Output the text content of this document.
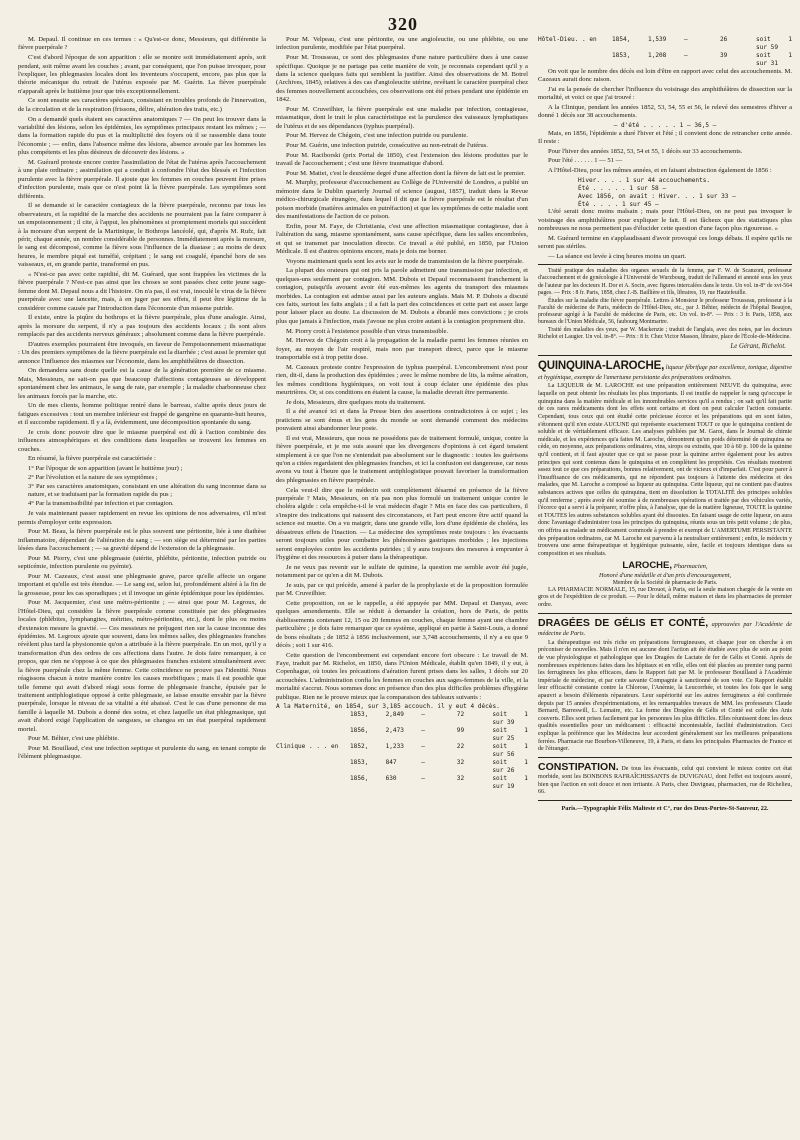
320

M. Depaul. Il continue en ces termes : « Qu'est-ce donc, Messieurs, qui différentie la fièvre puerpérale ?

C'est d'abord l'époque de son apparition : elle se montre soit immédiatement après, soit pendant, soit même avant les couches ; avant, par conséquent, que l'on puisse invoquer, pour l'expliquer, les phlegmasies locales dont les inventeurs s'occupent, encore, pas plus que la théorie mécanique du retrait de l'utérus exposée par M. Guérin. La fièvre puerpérale n'apparaît après le huitième jour que très exceptionnellement.

Ce sont ensuite ses caractères spéciaux, consistant en troubles profonds de l'innervation, de la circulation et de la respiration (frissons, délire, altération des traits, etc.)

On a demandé quels étaient ses caractères anatomiques ? — On peut les trouver dans la variabilité des lésions, selon les épidémies, les symptômes principaux restant les mêmes ; — dans la formation rapide du pus et la multiplicité des foyers où il se rassemble dans toute l'économie ; — enfin, dans l'absence même des lésions, absence avouée par les hommes les plus compétents et les plus désireux de découvrir des lésions. »

M. Guérard proteste encore contre l'assimilation de l'état de l'utérus après l'accouchement à une plaie ordinaire ; assimilation qui a conduit à confondre l'état des blessés et l'infection purulente avec la fièvre puerpérale. Il ajoute que les femmes en couches peuvent être prises d'infection purulente, mais que ce n'est point là la fièvre puerpérale. Les symptômes sont différents.

Il se demande si le caractère contagieux de la fièvre puerpérale, reconnu par tous les observateurs, et la rapidité de la marche des accidents ne pourraient pas la faire comparer à un empoisonnement ; il cite, à l'appui, les phénomènes si promptement mortels qui succèdent à la morsure d'un serpent de la Martinique, le Bothrops lancéolé, qui, d'après M. Rufz, fait périr, chaque année, un nombre considérable de personnes. Immédiatement après la morsure, le sang est décomposé, comme la fièvre sous l'influence de la diastase ; au moins de deux heures, le membre piqué est tuméfié, crépitant ; le sang est coagulé, épanché hors de ses vaisseaux, et, en grande partie, transformé en pus.

« N'est-ce pas avec cette rapidité, dit M. Guérard, que sont frappées les victimes de la fièvre puerpérale ? N'est-ce pas ainsi que les choses se sont passées chez cette jeune sage-femme dont M. Depaul nous a dit l'histoire. On n'a pas, il est vrai, inoculé le virus de la fièvre puerpérale avec une lancette, mais, à en juger par ses effets, il peut être légitime de la considérer comme causée par l'introduction dans l'économie d'un miasme putride.

Il existe, entre la piqûre du bothrops et la fièvre puerpérale, plus d'une analogie. Ainsi, après la morsure du serpent, il n'y a pas toujours des accidents locaux ; ils sont alors remplacés par des accidents nerveux généraux ; absolument comme dans la fièvre puerpérale.

D'autres exemples pourraient être invoqués, en faveur de l'empoisonnement miasmatique : Un des premiers symptômes de la fièvre puerpérale est la diarrhée ; c'est aussi le premier qui annonce l'influence des miasmes sur l'économie, dans les amphithéâtres de dissection.

On demandera sans doute quelle est la cause de la génération première de ce miasme. Mais, Messieurs, ne sait-on pas que beaucoup d'affections contagieuses se développent spontanément chez les animaux, le sang de rate, par exemple ; la maladie charbonneuse chez les animaux forcés par la marche, etc.

Un de mes clients, homme politique rentré dans le barreau, s'alite après deux jours de fatigues excessives : tout un membre inférieur est frappé de gangrène en quarante-huit heures, et il succombe rapidement. Il y a là, évidemment, une décomposition spontanée du sang.

Je crois donc pouvoir dire que le miasme puerpéral est dû à l'action combinée des influences atmosphériques et des conditions dans lesquelles se trouvent les femmes en couches.

En résumé, la fièvre puerpérale est caractérisée :

1° Par l'époque de son apparition (avant le huitième jour) ;
2° Par l'évolution et la nature de ses symptômes ;
3° Par ses caractères anatomiques, consistant en une altération du sang inconnue dans sa nature, et se traduisant par la formation rapide du pus ;
4° Par la transmissibilité par infection et par contagion.

Je vais maintenant passer rapidement en revue les opinions de nos adversaires, s'il m'est permis d'employer cette expression.

Pour M. Beau, la fièvre puerpérale est le plus souvent une péritonite, liée à une diathèse inflammatoire, dépendant de l'altération du sang ; — son siège est déterminé par les parties lésées dans l'accouchement ; — sa gravité dépend de l'extension de la phlegmasie.

Pour M. Piorry, c'est une phlegmasie (utérite, phlébite, péritonite, infection putride ou septicémie, infection purulente ou pyémie).

Pour M. Cazeaux, c'est aussi une phlegmasie grave, parce qu'elle affecte un organe important et qu'elle est très étendue. — Le sang est, selon lui, profondément altéré à la fin de la grossesse, pour les cas sporadiques ; et il invoque un génie épidémique pour les épidémies.

Pour M. Jacquemier, c'est une métro-péritonite ; — ainsi que pour M. Legroux, de l'Hôtel-Dieu, qui considère la fièvre puerpérale comme constituée par des phlegmasies locales (phlébites, lymphangites, métrites, métro-péritonites, etc.), dont le plus ou moins d'extension mesure la gravité. — Ces messieurs ne préjugent rien sur la cause inconnue des épidémies. M. Legroux ajoute que souvent, dans les mêmes salles, des phlegmasies franches révèlent plus tard la physionomie qu'on a attribuée à la fièvre puerpérale. En un mot, qu'il y a transformation d'un des ordres de ces affections dans l'autre. Je dois faire remarquer, à ce propos, que rien ne s'oppose à ce que des phlegmasies franches existent simultanément avec la fièvre puerpérale chez la même femme. Cette coïncidence ne prouve pas l'identité. Nous réagissons chacun à notre manière contre les causes morbifiques ; mais il est possible que telle femme qui avait d'abord réagi sous forme de phlegmasie franche, épuisée par le traitement antiphlogistique opposé à cette phlegmasie, se laisse ensuite envahir par la fièvre puerpérale, lorsque le niveau de sa vitalité a été abaissé. C'est le cas d'une personne de ma famille à laquelle M. Dubois a donné des soins, et chez laquelle un état phlegmasique, qui avait d'abord exigé l'application de sangsues, se changea en un état puerpéral rapidement mortel.

Pour M. Béhier, c'est une phlébite.

Pour M. Bouillaud, c'est une infection septique et purulente du sang, en tenant compte de l'élément phlegmasique.

Pour M. Velpeau, c'est une péritonite, ou une angioleucite, ou une phlébite, ou une infection purulente, modifiée par l'état puerpéral.

Pour M. Trousseau, ce sont des phlegmasies d'une nature particulière dues à une cause spécifique. Quoique je ne partage pas cette manière de voir, je reconnais cependant qu'il y a dans la science quelques faits qui semblent la justifier. Ainsi des observations de M. Botrel (Archives, 1845), relatives à des cas d'angioleucite utérine, revêtant le caractère puerpéral chez des femmes nouvellement accouchées, ces observations ont été prises pendant une épidémie en 1842.

Pour M. Cruveilhier, la fièvre puerpérale est une maladie par infection, contagieuse, miasmatique, dont le trait le plus caractéristique est la purulence des vaisseaux lymphatiques de l'utérus et de ses dépendances (typhus puerpéral).

Pour M. Hervez de Chégoin, c'est une infection putride ou purulente.

Pour M. Guérin, une infection putride, consécutive au non-retrait de l'utérus.

Pour M. Raciborski (prix Portal de 1850), c'est l'extension des lésions produites par le travail de l'accouchement ; c'est une fièvre traumatique d'abord.

Pour M. Mattei, c'est le deuxième degré d'une affection dont la fièvre de lait est le premier.

M. Murphy, professeur d'accouchement au Collège de l'Université de Londres, a publié un mémoire dans le Dublin quarterly Journal of science (august, 1857), traduit dans la Revue médico-chirurgicale étrangère, dans lequel il dit que la fièvre puerpérale est le résultat d'un poison morbide (matières animales en putréfaction) et que les symptômes de cette maladie sont des manifestations de l'action de ce poison.

Enfin, pour M. Faye, de Christiania, c'est une affection miasmatique contagieuse, due à l'altération du sang, miasme spontanément, sans cause spécifique, dans les salles encombrées, et qui se transmet par inoculation directe. Ce travail a été publié, en 1850, par l'Union Médicale. Il est d'autres opinions encore, mais je dois me borner.

Voyons maintenant quels sont les avis sur le mode de transmission de la fièvre puerpérale.

La plupart des orateurs qui ont pris la parole admettent une transmission par infection, et quelques-uns seulement par contagion. MM. Dubois et Depaul reconnaissent franchement la contagion, puisqu'ils avouent avoir été eux-mêmes les agents du transport des miasmes morbides. La contagion est admise aussi par les auteurs anglais. Mais M. P. Dubois a discuté ces faits, surtout les faits anglais ; il a fait la part des coïncidences et cette part est assez large pour laisser place au doute. La discussion de M. Dubois a ébranlé mes convictions ; je crois plus que jamais à l'infection, mais j'avoue ne plus croire autant à la contagion proprement dite.

M. Piorry croit à l'existence possible d'un virus transmissible.

M. Hervez de Chégoin croit à la propagation de la maladie parmi les femmes réunies en foyer, au moyen de l'air respiré, mais non par transport direct, parce que le miasme transportable est à trop petite dose.

M. Cazeaux proteste contre l'expression de typhus puerpéral. L'encombrement n'est pour rien, dit-il, dans la production des épidémies ; avec le même nombre de lits, la même aération, les mêmes conditions hygiéniques, on voit tout à coup éclater une épidémie des plus meurtrières. Or, si ces conditions en étaient la cause, la maladie devrait être permanente.

Je dois, Messieurs, dire quelques mots du traitement.

Il a été avancé ici et dans la Presse bien des assertions contradictoires à ce sujet ; les praticiens se sont émus et les gens du monde se sont demandé comment des médecins pouvaient ainsi abandonner leur poste.

Il est vrai, Messieurs, que nous ne possédons pas de traitement formulé, unique, contre la fièvre puerpérale, et je me suis assuré que les divergences d'opinions à cet égard tenaient simplement à ce que l'on ne s'entendait pas absolument sur le diagnostic : toutes les guérisons qu'on a citées regardaient des phlegmasies franches, et ici la confusion est dangereuse, car nous avons vu tout à l'heure que le traitement antiphlogistique pouvait favoriser la transformation des phlegmasies en fièvre puerpérale.

Cela veut-il dire que le médecin soit complètement désarmé en présence de la fièvre puerpérale ? Mais, Messieurs, on n'a pas non plus formulé un traitement unique contre le choléra algide : cela empêche-t-il le vrai médecin d'agir ? Mis en face des cas particuliers, il s'inspire des indications qui naissent des circonstances, et l'art peut encore être actif quand la science est muette. On a vu maigrir, dans une grande ville, lors d'une épidémie de choléra, les désastreux effets de l'inaction. — La médecine des symptômes reste toujours : les évacuants seront toujours utiles pour combattre les phénomènes gastriques morbides ; les injections seront employées contre les accidents putrides ; il y aura toujours des mesures à emprunter à l'hygiène et des ressources à puiser dans la thérapeutique.

Je ne veux pas revenir sur le sulfate de quinine, la question me semble avoir été jugée, notamment par ce qu'en a dit M. Dubois.

Je suis, par ce qui précède, amené à parler de la prophylaxie et de la proposition formulée par M. Cruveilhier.

Cette proposition, on se le rappelle, a été appuyée par MM. Depaul et Danyau, avec quelques amendements. Elle se réduit à demander la création, hors de Paris, de petits établissements contenant 12, 15 ou 20 femmes en couches, chaque femme ayant une chambre particulière ; je dois faire remarquer que ce système, appliqué en partie à Saint-Louis, a donné de bons résultats ; de 1852 à 1856 inclusivement, sur 3,748 accouchements, il n'y a eu que 9 décès ; soit 1 sur 416.

Cette question de l'encombrement est cependant encore fort obscure : Le travail de M. Faye, traduit par M. Richelot, en 1850, dans l'Union Médicale, établit qu'en 1849, il y eut, à Copenhague, où toutes les précautions d'aération furent prises dans les salles, 1 décès sur 20 accouchées. L'administration confia les femmes en couches aux sages-femmes de la ville, et la mortalité s'accrut. Nous sommes donc en présence d'un des plus difficiles problèmes d'hygiène publique. Rien ne le prouve mieux que la comparaison des tableaux suivants :

A la Maternité, en 1854, sur 3,185 accouch. il y eut 4 décès.
1853,	2,849	—	72	soit 1 sur 39
1856,	2,473	—	99	soit 1 sur 25
Clinique . . . en	1852,	1,233	—	22	soit 1 sur 56
1853,	847	—	32	soit 1 sur 26
1856,	630	—	32	soit 1 sur 19
Hôtel-Dieu. . en	1854,	1,539	—	26	soit 1 sur 59
1853,	1,208	—	39	soit 1 sur 31

On voit que le nombre des décès est loin d'être en rapport avec celui des accouchements. M. Cazeaux aurait donc raison.

J'ai eu la pensée de chercher l'influence du voisinage des amphithéâtres de dissection sur la mortalité, et voici ce que j'ai trouvé :

A la Clinique, pendant les années 1852, 53, 54, 55 et 56, le relevé des semestres d'hiver a donné 1 décès sur 38 accouchements.

— d'été . . . . . 1 — 36,5 —

Mais, en 1856, l'épidémie a duré l'hiver et l'été ; il convient donc de retrancher cette année. Il reste :

Pour l'hiver des années 1852, 53, 54 et 55, 1 décès sur 33 accouchements.

Pour l'été . . . . . . 1 — 51 —

A l'Hôtel-Dieu, pour les mêmes années, et en faisant abstraction également de 1856 :

Hiver. . . . 1 sur 44 accouchements.
Été . . . . . 1 sur 58 —
Avec 1856, on avait : Hiver. . . 1 sur 33 —
Été . . . . 1 sur 45 —

L'été serait donc moins malsain ; mais pour l'Hôtel-Dieu, on ne peut pas invoquer le voisinage des amphithéâtres pour expliquer le fait. Il est fâcheux que des statistiques plus nombreuses ne nous permettent pas d'élucider cette question d'une façon plus rigoureuse. »

M. Guérard termine en s'applaudissant d'avoir provoqué ces longs débats. Il espère qu'ils ne seront pas stériles.

— La séance est levée à cinq heures moins un quart.

Traité pratique des maladies des organes sexuels de la femme, par F. W. de Scanzoni, professeur d'accouchement et de gynécologie à l'Université de Wurzbourg, traduit de l'allemand et annoté sous les yeux de l'auteur par les docteurs H. Dor et A. Socin, avec figures intercalées dans le texte. Un vol. in-8° de xvi-564 pages. — Prix : 8 fr. Paris, 1858, chez J.-B. Baillière et fils, libraires, 19, rue Hautefeuille.

Études sur la maladie dite fièvre puerpérale. Lettres à Monsieur le professeur Trousseau, professeur à la Faculté de médecine de Paris, médecin de l'Hôtel-Dieu, etc., par J. Béhier, médecin de l'hôpital Beaujon, professeur agrégé à la Faculté de médecine de Paris, etc. Un vol. in-8°. — Prix : 3 fr. Paris, 1858, aux bureaux de l'Union Médicale, 56, faubourg Montmartre.

Traité des maladies des yeux, par W. Mackenzie ; traduit de l'anglais, avec des notes, par les docteurs Richelot et Laugier. Un vol. in-8°. — Prix : 8 fr. Chez Victor Masson, libraire, place de l'École-de-Médecine.

Le Gérant, Richelot.

QUINQUINA-LAROCHE, liqueur fébrifuge par excellence, tonique, digestive et hygiénique, exempte de l'amertume persistante des préparations ordinaires.

La LIQUEUR de M. LAROCHE est une préparation entièrement NEUVE du quinquina, avec laquelle on peut obtenir les résultats les plus importants. Il est inutile de rappeler le rang qu'occupe le quinquina dans la matière médicale et les innombrables services qu'il a rendus ; on sait qu'il fait partie de ces rares médicaments dont les effets sont certains et dont on peut calculer l'action constante. Cependant, tous ceux qui ont étudié cette précieuse écorce et les préparations qui en sont faites, s'étonnent qu'il n'en existe AUCUNE qui représente exactement TOUT ce que le quinquina contient de soluble et de véritablement efficace. Les analyses publiées par M. Garot, dans le Journal de chimie médicale, et les expériences qu'a faites M. Laroche, démontrent qu'un poids déterminé de quinquina ne cède, en moyenne, aux préparations ordinaires, vins, sirops ou extraits, que 10 à 60 p. 100 de la quinine qu'il contient, et il faut ajouter que ce qui se passe pour la quinine arrive également pour les autres principes qui sont contenus dans le quinquina et en complètent les propriétés. Ces résultats montrent assez tout ce que ces préparations, bonnes relativement, ont de vicieux et d'imparfait. C'est pour parer à l'insuffisance de ces médicaments, qui ne répondent pas toujours à l'attente des médecins et des malades, que M. Laroche a composé sa liqueur au quinquina. Cette liqueur, qui ne contient pas d'autres substances actives que celles du quinquina, tient en dissolution la TOTALITÉ des principes solubles qu'il renferme ; après avoir été soumise à de nombreuses opérations et traitée par des véhicules variés, l'écorce qui a servi à la préparer, n'offre plus, à l'analyse, que de la matière ligneuse, TOUTE la quinine et TOUTES les autres substances solubles ayant été dissoutes. En faisant usage de cette liqueur, on aura donc l'avantage d'administrer tous les principes du quinquina, réunis sous un très petit volume ; de plus, on offrira au malade un médicament commode à prendre et exempt de L'AMERTUME PERSISTANTE des préparation ordinaires, car M. Laroche est parvenu à la neutraliser entièrement ; enfin, le médecin y trouvera une arme thérapeutique et hygiénique puissante, sûre, facile et toujours identique dans sa composition et ses résultats.

LAROCHE, Pharmacien,
Honoré d'une médaille et d'un prix d'encouragement,
Membre de la Société de pharmacie de Paris.

LA PHARMACIE NORMALE, 15, rue Drouot, à Paris, est la seule maison chargée de la vente en gros et de l'expédition de ce produit. — Pour le détail, même maison et dans les pharmacies de premier ordre.

DRAGÉES DE GÉLIS ET CONTÉ, approuvées par l'Académie de médecine de Paris.

La thérapeutique est très riche en préparations ferrugineuses, et chaque jour on cherche à en préconiser de nouvelles. Mais il n'en est aucune dont l'action ait été étudiée avec plus de soin au point de vue physiologique et pathologique que les Dragées de Lactate de fer de Gélis et Conté. Après de nombreuses expériences faites dans les hôpitaux et en ville, elles ont été placées au premier rang parmi les ferrugineux les plus efficaces, dans le Rapport fait par M. le professeur Bouillaud à l'Académie impériale de médecine, et par cette savante Compagnie à sanctionné de son vote. Ce Rapport établit leur efficacité constante contre la Chlorose, l'Anémie, la Leucorrhée, et toutes les fois que le sang apauvri a besoin d'éléments réparateurs. Leur supériorité sur les autres ferrugineux a été confirmée depuis par 15 années d'expérimentations, et les remarquables travaux de MM. les professeurs Claude Bernard, Barreswill, L. Lemaire, etc. La forme des Dragées de Gélis et Conté est celle des Anis couverts. Elles sont prises facilement par les personnes les plus difficiles. Elles réunissent donc les deux qualités essentielles pour un médicament : efficacité incontestable, facilité d'administration. Ceci explique la préférence que les Médecins leur accordent généralement sur les meilleures préparations ferrées. Pharmacie rue Bourbon-Villeneuve, 19, à Paris, et dans les principales Pharmacies de France et de l'étranger.

CONSTIPATION. De tous les évacuants, celui qui convient le mieux contre cet état morbide, sont les BONBONS RAFRAÎCHISSANTS de DUVIGNAU, dont l'effet est toujours assuré, bien que l'action en soit douce et non irritante. A Paris, chez Duvignau, pharmacien, rue de Richelieu, 66.

Paris.—Typographie Félix Malteste et C°, rue des Deux-Portes-St-Sauveur, 22.
